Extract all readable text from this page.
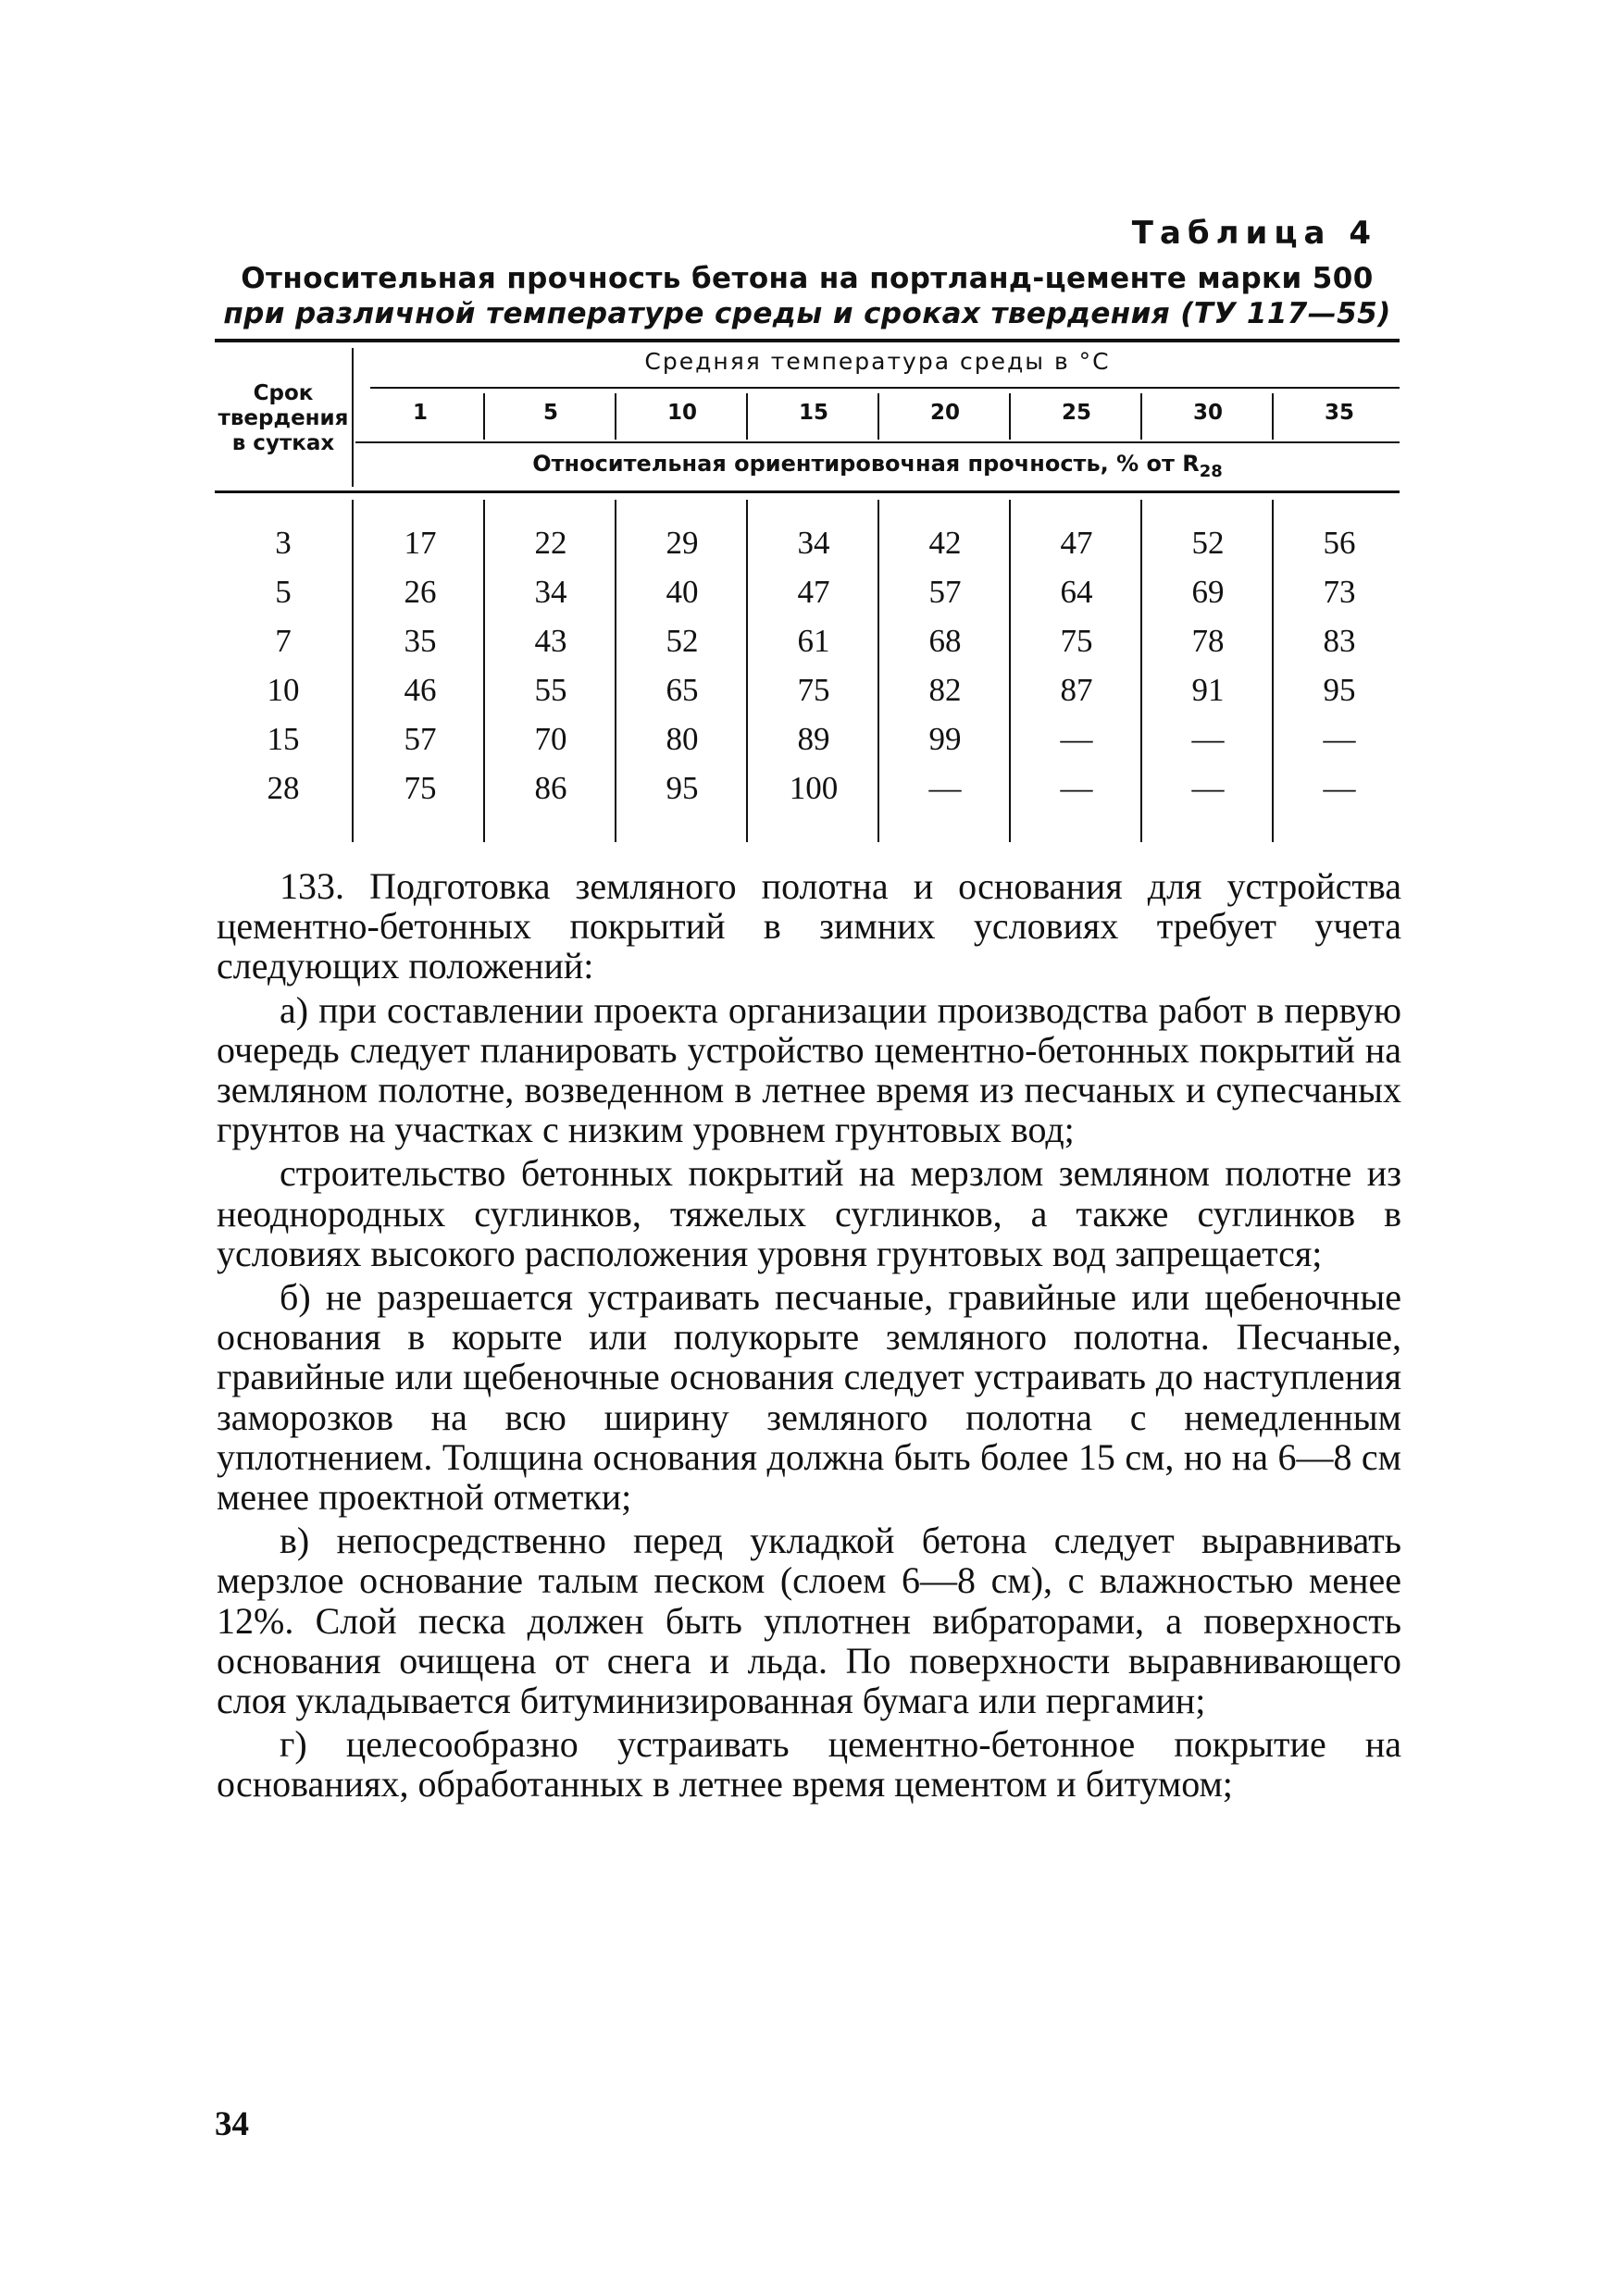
Таблица 4
Относительная прочность бетона на портланд-цементе марки 500
при различной температуре среды и сроках твердения (ТУ 117—55)
Срок твердения в сутках
Средняя температура среды в °С
Относительная ориентировочная прочность, % от $R_{28}$
1	5	10	15	20	25	30	35
3	17	22	29	34	42	47	52	56
5	26	34	40	47	57	64	69	73
7	35	43	52	61	68	75	78	83
10	46	55	65	75	82	87	91	95
15	57	70	80	89	99	—	—	—
28	75	86	95	100	—	—	—	—

133. Подготовка земляного полотна и основания для устройства цементно-бетонных покрытий в зимних условиях требует учета следующих положений:

а) при составлении проекта организации производства работ в первую очередь следует планировать устройство цементно-бетонных покрытий на земляном полотне, возведенном в летнее время из песчаных и супесчаных грунтов на участках с низким уровнем грунтовых вод;

строительство бетонных покрытий на мерзлом земляном полотне из неоднородных суглинков, тяжелых суглинков, а также суглинков в условиях высокого расположения уровня грунтовых вод запрещается;

б) не разрешается устраивать песчаные, гравийные или щебеночные основания в корыте или полукорыте земляного полотна. Песчаные, гравийные или щебеночные основания следует устраивать до наступления заморозков на всю ширину земляного полотна с немедленным уплотнением. Толщина основания должна быть более 15 см, но на 6—8 см менее проектной отметки;

в) непосредственно перед укладкой бетона следует выравнивать мерзлое основание талым песком (слоем 6—8 см), с влажностью менее 12%. Слой песка должен быть уплотнен вибраторами, а поверхность основания очищена от снега и льда. По поверхности выравнивающего слоя укладывается битуминизированная бумага или пергамин;

г) целесообразно устраивать цементно-бетонное покрытие на основаниях, обработанных в летнее время цементом и битумом;

34
